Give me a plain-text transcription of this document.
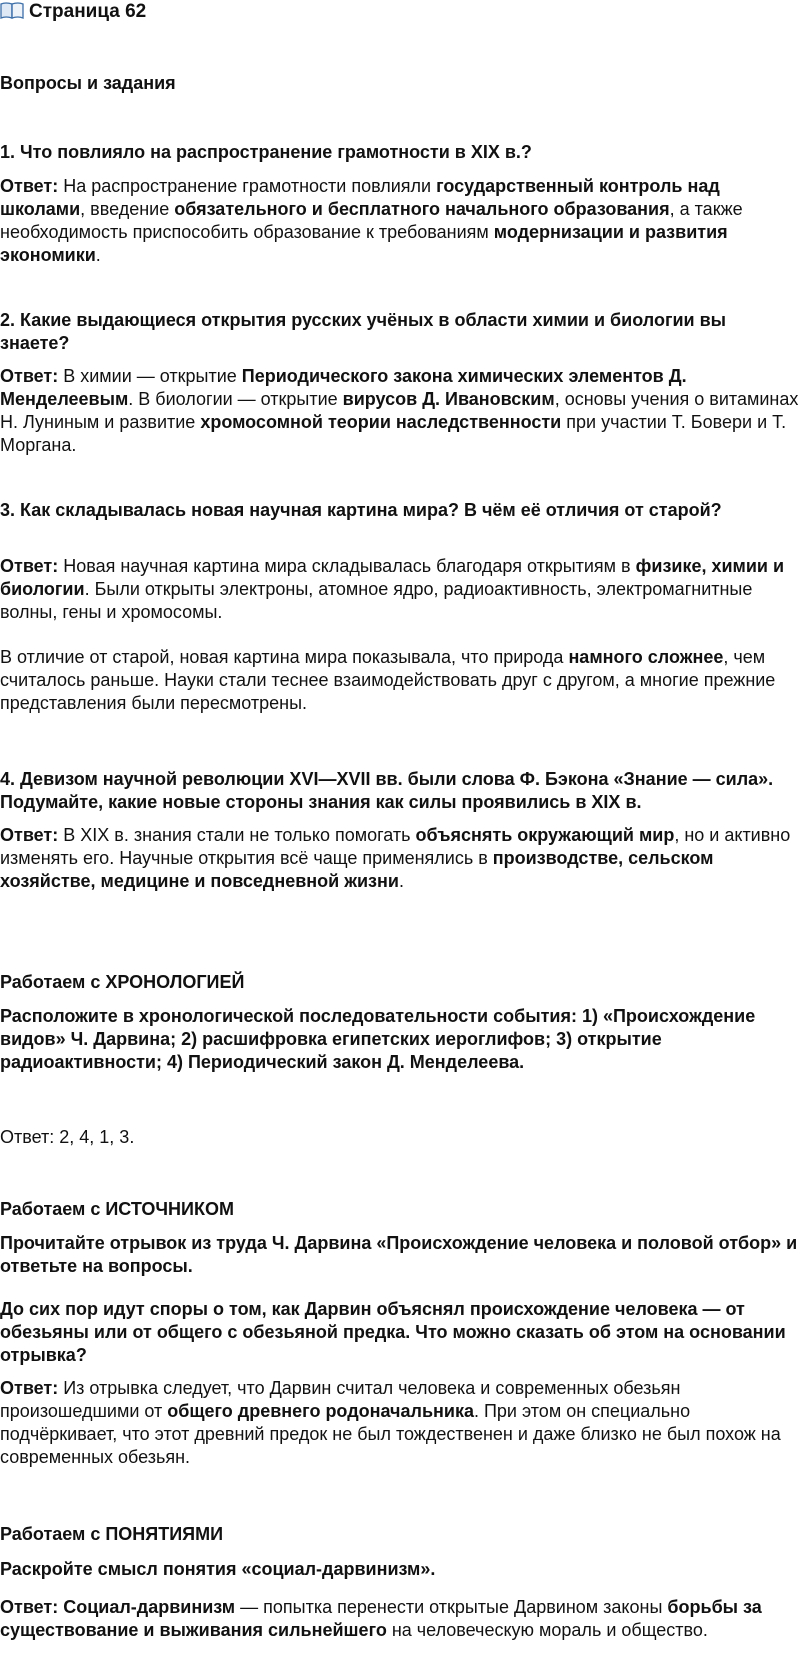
Страница 62
Вопросы и задания
1. Что повлияло на распространение грамотности в XIX в.?
Ответ: На распространение грамотности повлияли государственный контроль над школами, введение обязательного и бесплатного начального образования, а также необходимость приспособить образование к требованиям модернизации и развития экономики.
2. Какие выдающиеся открытия русских учёных в области химии и биологии вы знаете?
Ответ: В химии — открытие Периодического закона химических элементов Д. Менделеевым. В биологии — открытие вирусов Д. Ивановским, основы учения о витаминах Н. Луниным и развитие хромосомной теории наследственности при участии Т. Бовери и Т. Моргана.
3. Как складывалась новая научная картина мира? В чём её отличия от старой?
Ответ: Новая научная картина мира складывалась благодаря открытиям в физике, химии и биологии. Были открыты электроны, атомное ядро, радиоактивность, электромагнитные волны, гены и хромосомы.
В отличие от старой, новая картина мира показывала, что природа намного сложнее, чем считалось раньше. Науки стали теснее взаимодействовать друг с другом, а многие прежние представления были пересмотрены.
4. Девизом научной революции XVI—XVII вв. были слова Ф. Бэкона «Знание — сила». Подумайте, какие новые стороны знания как силы проявились в XIX в.
Ответ: В XIX в. знания стали не только помогать объяснять окружающий мир, но и активно изменять его. Научные открытия всё чаще применялись в производстве, сельском хозяйстве, медицине и повседневной жизни.
Работаем с ХРОНОЛОГИЕЙ
Расположите в хронологической последовательности события: 1) «Происхождение видов» Ч. Дарвина; 2) расшифровка египетских иероглифов; 3) открытие радиоактивности; 4) Периодический закон Д. Менделеева.
Ответ: 2, 4, 1, 3.
Работаем с ИСТОЧНИКОМ
Прочитайте отрывок из труда Ч. Дарвина «Происхождение человека и половой отбор» и ответьте на вопросы.
До сих пор идут споры о том, как Дарвин объяснял происхождение человека — от обезьяны или от общего с обезьяной предка. Что можно сказать об этом на основании отрывка?
Ответ: Из отрывка следует, что Дарвин считал человека и современных обезьян произошедшими от общего древнего родоначальника. При этом он специально подчёркивает, что этот древний предок не был тождественен и даже близко не был похож на современных обезьян.
Работаем с ПОНЯТИЯМИ
Раскройте смысл понятия «социал-дарвинизм».
Ответ: Социал-дарвинизм — попытка перенести открытые Дарвином законы борьбы за существование и выживания сильнейшего на человеческую мораль и общество.
